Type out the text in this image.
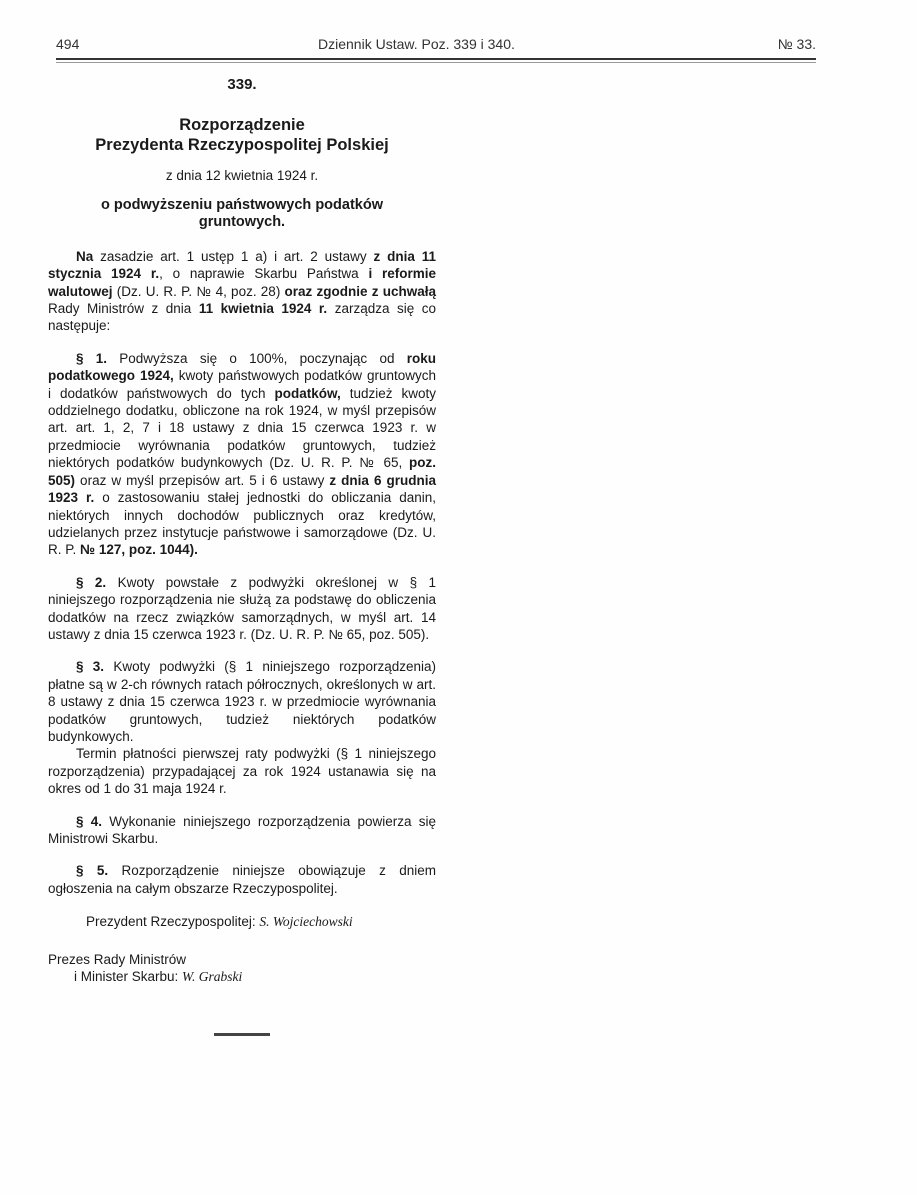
494	Dziennik Ustaw. Poz. 339 i 340.	№ 33.
339.
Rozporządzenie
Prezydenta Rzeczypospolitej Polskiej
z dnia 12 kwietnia 1924 r.
o podwyższeniu państwowych podatków
gruntowych.

Na zasadzie art. 1 ustęp 1 a) i art. 2 ustawy z dnia 11 stycznia 1924 r., o naprawie Skarbu Państwa i reformie walutowej (Dz. U. R. P. № 4, poz. 28) oraz zgodnie z uchwałą Rady Ministrów z dnia 11 kwietnia 1924 r. zarządza się co następuje:

§ 1. Podwyższa się o 100%, poczynając od roku podatkowego 1924, kwoty państwowych podatków gruntowych i dodatków państwowych do tych podatków, tudzież kwoty oddzielnego dodatku, obliczone na rok 1924, w myśl przepisów art. art. 1, 2, 7 i 18 ustawy z dnia 15 czerwca 1923 r. w przedmiocie wyrównania podatków gruntowych, tudzież niektórych podatków budynkowych (Dz. U. R. P. № 65, poz. 505) oraz w myśl przepisów art. 5 i 6 ustawy z dnia 6 grudnia 1923 r. o zastosowaniu stałej jednostki do obliczania danin, niektórych innych dochodów publicznych oraz kredytów, udzielanych przez instytucje państwowe i samorządowe (Dz. U. R. P. № 127, poz. 1044).

§ 2. Kwoty powstałe z podwyżki określonej w § 1 niniejszego rozporządzenia nie służą za podstawę do obliczenia dodatków na rzecz związków samorządnych, w myśl art. 14 ustawy z dnia 15 czerwca 1923 r. (Dz. U. R. P. № 65, poz. 505).

§ 3. Kwoty podwyżki (§ 1 niniejszego rozporządzenia) płatne są w 2-ch równych ratach półrocznych, określonych w art. 8 ustawy z dnia 15 czerwca 1923 r. w przedmiocie wyrównania podatków gruntowych, tudzież niektórych podatków budynkowych.

Termin płatności pierwszej raty podwyżki (§ 1 niniejszego rozporządzenia) przypadającej za rok 1924 ustanawia się na okres od 1 do 31 maja 1924 r.

§ 4. Wykonanie niniejszego rozporządzenia powierza się Ministrowi Skarbu.

§ 5. Rozporządzenie niniejsze obowiązuje z dniem ogłoszenia na całym obszarze Rzeczypospolitej.

Prezydent Rzeczypospolitej: S. Wojciechowski
Prezes Rady Ministrów
i Minister Skarbu: W. Grabski
